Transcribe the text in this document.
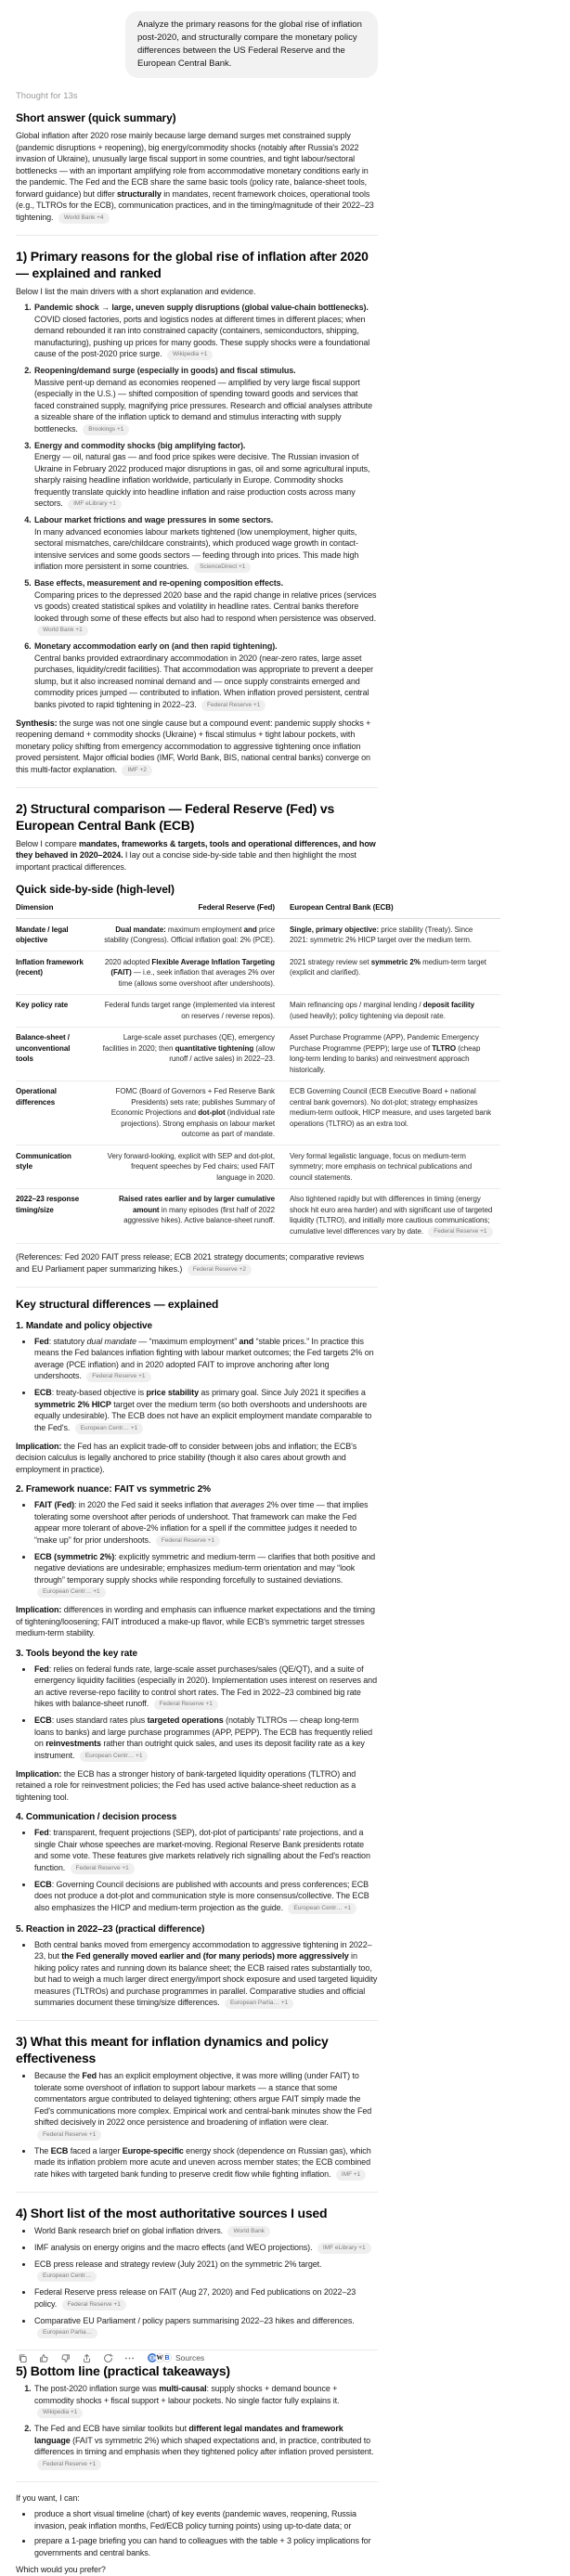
Analyze the primary reasons for the global rise of inflation post-2020, and structurally compare the monetary policy differences between the US Federal Reserve and the European Central Bank.
Thought for 13s
Short answer (quick summary)

Global inflation after 2020 rose mainly because large demand surges met constrained supply (pandemic disruptions + reopening), big energy/commodity shocks (notably after Russia's 2022 invasion of Ukraine), unusually large fiscal support in some countries, and tight labour/sectoral bottlenecks — with an important amplifying role from accommodative monetary conditions early in the pandemic. The Fed and the ECB share the same basic tools (policy rate, balance-sheet tools, forward guidance) but differ structurally in mandates, recent framework choices, operational tools (e.g., TLTROs for the ECB), communication practices, and in the timing/magnitude of their 2022–23 tightening. World Bank +4

1) Primary reasons for the global rise of inflation after 2020 — explained and ranked

Below I list the main drivers with a short explanation and evidence.

1. Pandemic shock → large, uneven supply disruptions (global value-chain bottlenecks).
COVID closed factories, ports and logistics nodes at different times in different places; when demand rebounded it ran into constrained capacity (containers, semiconductors, shipping, manufacturing), pushing up prices for many goods. These supply shocks were a foundational cause of the post-2020 price surge. Wikipedia +1
2. Reopening/demand surge (especially in goods) and fiscal stimulus.
Massive pent-up demand as economies reopened — amplified by very large fiscal support (especially in the U.S.) — shifted composition of spending toward goods and services that faced constrained supply, magnifying price pressures. Research and official analyses attribute a sizeable share of the inflation uptick to demand and stimulus interacting with supply bottlenecks. Brookings +1
3. Energy and commodity shocks (big amplifying factor).
Energy — oil, natural gas — and food price spikes were decisive. The Russian invasion of Ukraine in February 2022 produced major disruptions in gas, oil and some agricultural inputs, sharply raising headline inflation worldwide, particularly in Europe. Commodity shocks frequently translate quickly into headline inflation and raise production costs across many sectors. IMF eLibrary +1
4. Labour market frictions and wage pressures in some sectors.
In many advanced economies labour markets tightened (low unemployment, higher quits, sectoral mismatches, care/childcare constraints), which produced wage growth in contact-intensive services and some goods sectors — feeding through into prices. This made high inflation more persistent in some countries. ScienceDirect +1
5. Base effects, measurement and re-opening composition effects.
Comparing prices to the depressed 2020 base and the rapid change in relative prices (services vs goods) created statistical spikes and volatility in headline rates. Central banks therefore looked through some of these effects but also had to respond when persistence was observed. World Bank +1
6. Monetary accommodation early on (and then rapid tightening).
Central banks provided extraordinary accommodation in 2020 (near-zero rates, large asset purchases, liquidity/credit facilities). That accommodation was appropriate to prevent a deeper slump, but it also increased nominal demand and — once supply constraints emerged and commodity prices jumped — contributed to inflation. When inflation proved persistent, central banks pivoted to rapid tightening in 2022–23. Federal Reserve +1

Synthesis: the surge was not one single cause but a compound event: pandemic supply shocks + reopening demand + commodity shocks (Ukraine) + fiscal stimulus + tight labour pockets, with monetary policy shifting from emergency accommodation to aggressive tightening once inflation proved persistent. Major official bodies (IMF, World Bank, BIS, national central banks) converge on this multi-factor explanation. IMF +2

2) Structural comparison — Federal Reserve (Fed) vs European Central Bank (ECB)

Below I compare mandates, frameworks & targets, tools and operational differences, and how they behaved in 2020–2024. I lay out a concise side-by-side table and then highlight the most important practical differences.

Quick side-by-side (high-level)
Dimension	Federal Reserve (Fed)	European Central Bank (ECB)
Mandate / legal objective	Dual mandate: maximum employment and price stability (Congress). Official inflation goal: 2% (PCE).	Single, primary objective: price stability (Treaty). Since 2021: symmetric 2% HICP target over the medium term.
Inflation framework (recent)	2020 adopted Flexible Average Inflation Targeting (FAIT) — i.e., seek inflation that averages 2% over time (allows some overshoot after undershoots).	2021 strategy review set symmetric 2% medium-term target (explicit and clarified).
Key policy rate	Federal funds target range (implemented via interest on reserves / reverse repos).	Main refinancing ops / marginal lending / deposit facility (used heavily); policy tightening via deposit rate.
Balance-sheet / unconventional tools	Large-scale asset purchases (QE), emergency facilities in 2020; then quantitative tightening (allow runoff / active sales) in 2022–23.	Asset Purchase Programme (APP), Pandemic Emergency Purchase Programme (PEPP); large use of TLTRO (cheap long-term lending to banks) and reinvestment approach historically.
Operational differences	FOMC (Board of Governors + Fed Reserve Bank Presidents) sets rate; publishes Summary of Economic Projections and dot-plot (individual rate projections). Strong emphasis on labour market outcome as part of mandate.	ECB Governing Council (ECB Executive Board + national central bank governors). No dot-plot; strategy emphasizes medium-term outlook, HICP measure, and uses targeted bank operations (TLTRO) as an extra tool.
Communication style	Very forward-looking, explicit with SEP and dot-plot, frequent speeches by Fed chairs; used FAIT language in 2020.	Very formal legalistic language, focus on medium-term symmetry; more emphasis on technical publications and council statements.
2022–23 response timing/size	Raised rates earlier and by larger cumulative amount in many episodes (first half of 2022 aggressive hikes). Active balance-sheet runoff.	Also tightened rapidly but with differences in timing (energy shock hit euro area harder) and with significant use of targeted liquidity (TLTRO), and initially more cautious communications; cumulative level differences vary by date. Federal Reserve +1

(References: Fed 2020 FAIT press release; ECB 2021 strategy documents; comparative reviews and EU Parliament paper summarizing hikes.) Federal Reserve +2

Key structural differences — explained
1. Mandate and policy objective
• Fed: statutory dual mandate — “maximum employment” and “stable prices.” In practice this means the Fed balances inflation fighting with labour market outcomes; the Fed targets 2% on average (PCE inflation) and in 2020 adopted FAIT to improve anchoring after long undershoots. Federal Reserve +1
• ECB: treaty-based objective is price stability as primary goal. Since July 2021 it specifies a symmetric 2% HICP target over the medium term (so both overshoots and undershoots are equally undesirable). The ECB does not have an explicit employment mandate comparable to the Fed's. European Centr… +1

Implication: the Fed has an explicit trade-off to consider between jobs and inflation; the ECB's decision calculus is legally anchored to price stability (though it also cares about growth and employment in practice).

2. Framework nuance: FAIT vs symmetric 2%
• FAIT (Fed): in 2020 the Fed said it seeks inflation that averages 2% over time — that implies tolerating some overshoot after periods of undershoot. That framework can make the Fed appear more tolerant of above-2% inflation for a spell if the committee judges it needed to “make up” for prior undershoots. Federal Reserve +1
• ECB (symmetric 2%): explicitly symmetric and medium-term — clarifies that both positive and negative deviations are undesirable; emphasizes medium-term orientation and may “look through” temporary supply shocks while responding forcefully to sustained deviations. European Centr… +1

Implication: differences in wording and emphasis can influence market expectations and the timing of tightening/loosening; FAIT introduced a make-up flavor, while ECB's symmetric target stresses medium-term stability.

3. Tools beyond the key rate
• Fed: relies on federal funds rate, large-scale asset purchases/sales (QE/QT), and a suite of emergency liquidity facilities (especially in 2020). Implementation uses interest on reserves and an active reverse-repo facility to control short rates. The Fed in 2022–23 combined big rate hikes with balance-sheet runoff. Federal Reserve +1
• ECB: uses standard rates plus targeted operations (notably TLTROs — cheap long-term loans to banks) and large purchase programmes (APP, PEPP). The ECB has frequently relied on reinvestments rather than outright quick sales, and uses its deposit facility rate as a key instrument. European Centr… +1

Implication: the ECB has a stronger history of bank-targeted liquidity operations (TLTRO) and retained a role for reinvestment policies; the Fed has used active balance-sheet reduction as a tightening tool.

4. Communication / decision process
• Fed: transparent, frequent projections (SEP), dot-plot of participants' rate projections, and a single Chair whose speeches are market-moving. Regional Reserve Bank presidents rotate and some vote. These features give markets relatively rich signalling about the Fed's reaction function. Federal Reserve +1
• ECB: Governing Council decisions are published with accounts and press conferences; ECB does not produce a dot-plot and communication style is more consensus/collective. The ECB also emphasizes the HICP and medium-term projection as the guide. European Centr… +1
5. Reaction in 2022–23 (practical difference)
• Both central banks moved from emergency accommodation to aggressive tightening in 2022–23, but the Fed generally moved earlier and (for many periods) more aggressively in hiking policy rates and running down its balance sheet; the ECB raised rates substantially too, but had to weigh a much larger direct energy/import shock exposure and used targeted liquidity measures (TLTROs) and purchase programmes in parallel. Comparative studies and official summaries document these timing/size differences. European Parlia… +1
3) What this meant for inflation dynamics and policy effectiveness
• Because the Fed has an explicit employment objective, it was more willing (under FAIT) to tolerate some overshoot of inflation to support labour markets — a stance that some commentators argue contributed to delayed tightening; others argue FAIT simply made the Fed's communications more complex. Empirical work and central-bank minutes show the Fed shifted decisively in 2022 once persistence and broadening of inflation were clear. Federal Reserve +1
• The ECB faced a larger Europe-specific energy shock (dependence on Russian gas), which made its inflation problem more acute and uneven across member states; the ECB combined rate hikes with targeted bank funding to preserve credit flow while fighting inflation. IMF +1
4) Short list of the most authoritative sources I used
• World Bank research brief on global inflation drivers. World Bank
• IMF analysis on energy origins and the macro effects (and WEO projections). IMF eLibrary +1
• ECB press release and strategy review (July 2021) on the symmetric 2% target. European Centr…
• Federal Reserve press release on FAIT (Aug 27, 2020) and Fed publications on 2022–23 policy. Federal Reserve +1
• Comparative EU Parliament / policy papers summarising 2022–23 hikes and differences. European Parlia…
5) Bottom line (practical takeaways)
1. The post-2020 inflation surge was multi-causal: supply shocks + demand bounce + commodity shocks + fiscal support + labour pockets. No single factor fully explains it. Wikipedia +1
2. The Fed and ECB have similar toolkits but different legal mandates and framework language (FAIT vs symmetric 2%) which shaped expectations and, in practice, contributed to differences in timing and emphasis when they tightened policy after inflation proved persistent. Federal Reserve +1

If you want, I can:

• produce a short visual timeline (chart) of key events (pandemic waves, reopening, Russia invasion, peak inflation months, Fed/ECB policy turning points) using up-to-date data; or
• prepare a 1-page briefing you can hand to colleagues with the table + 3 policy implications for governments and central banks.

Which would you prefer?

W B Sources
